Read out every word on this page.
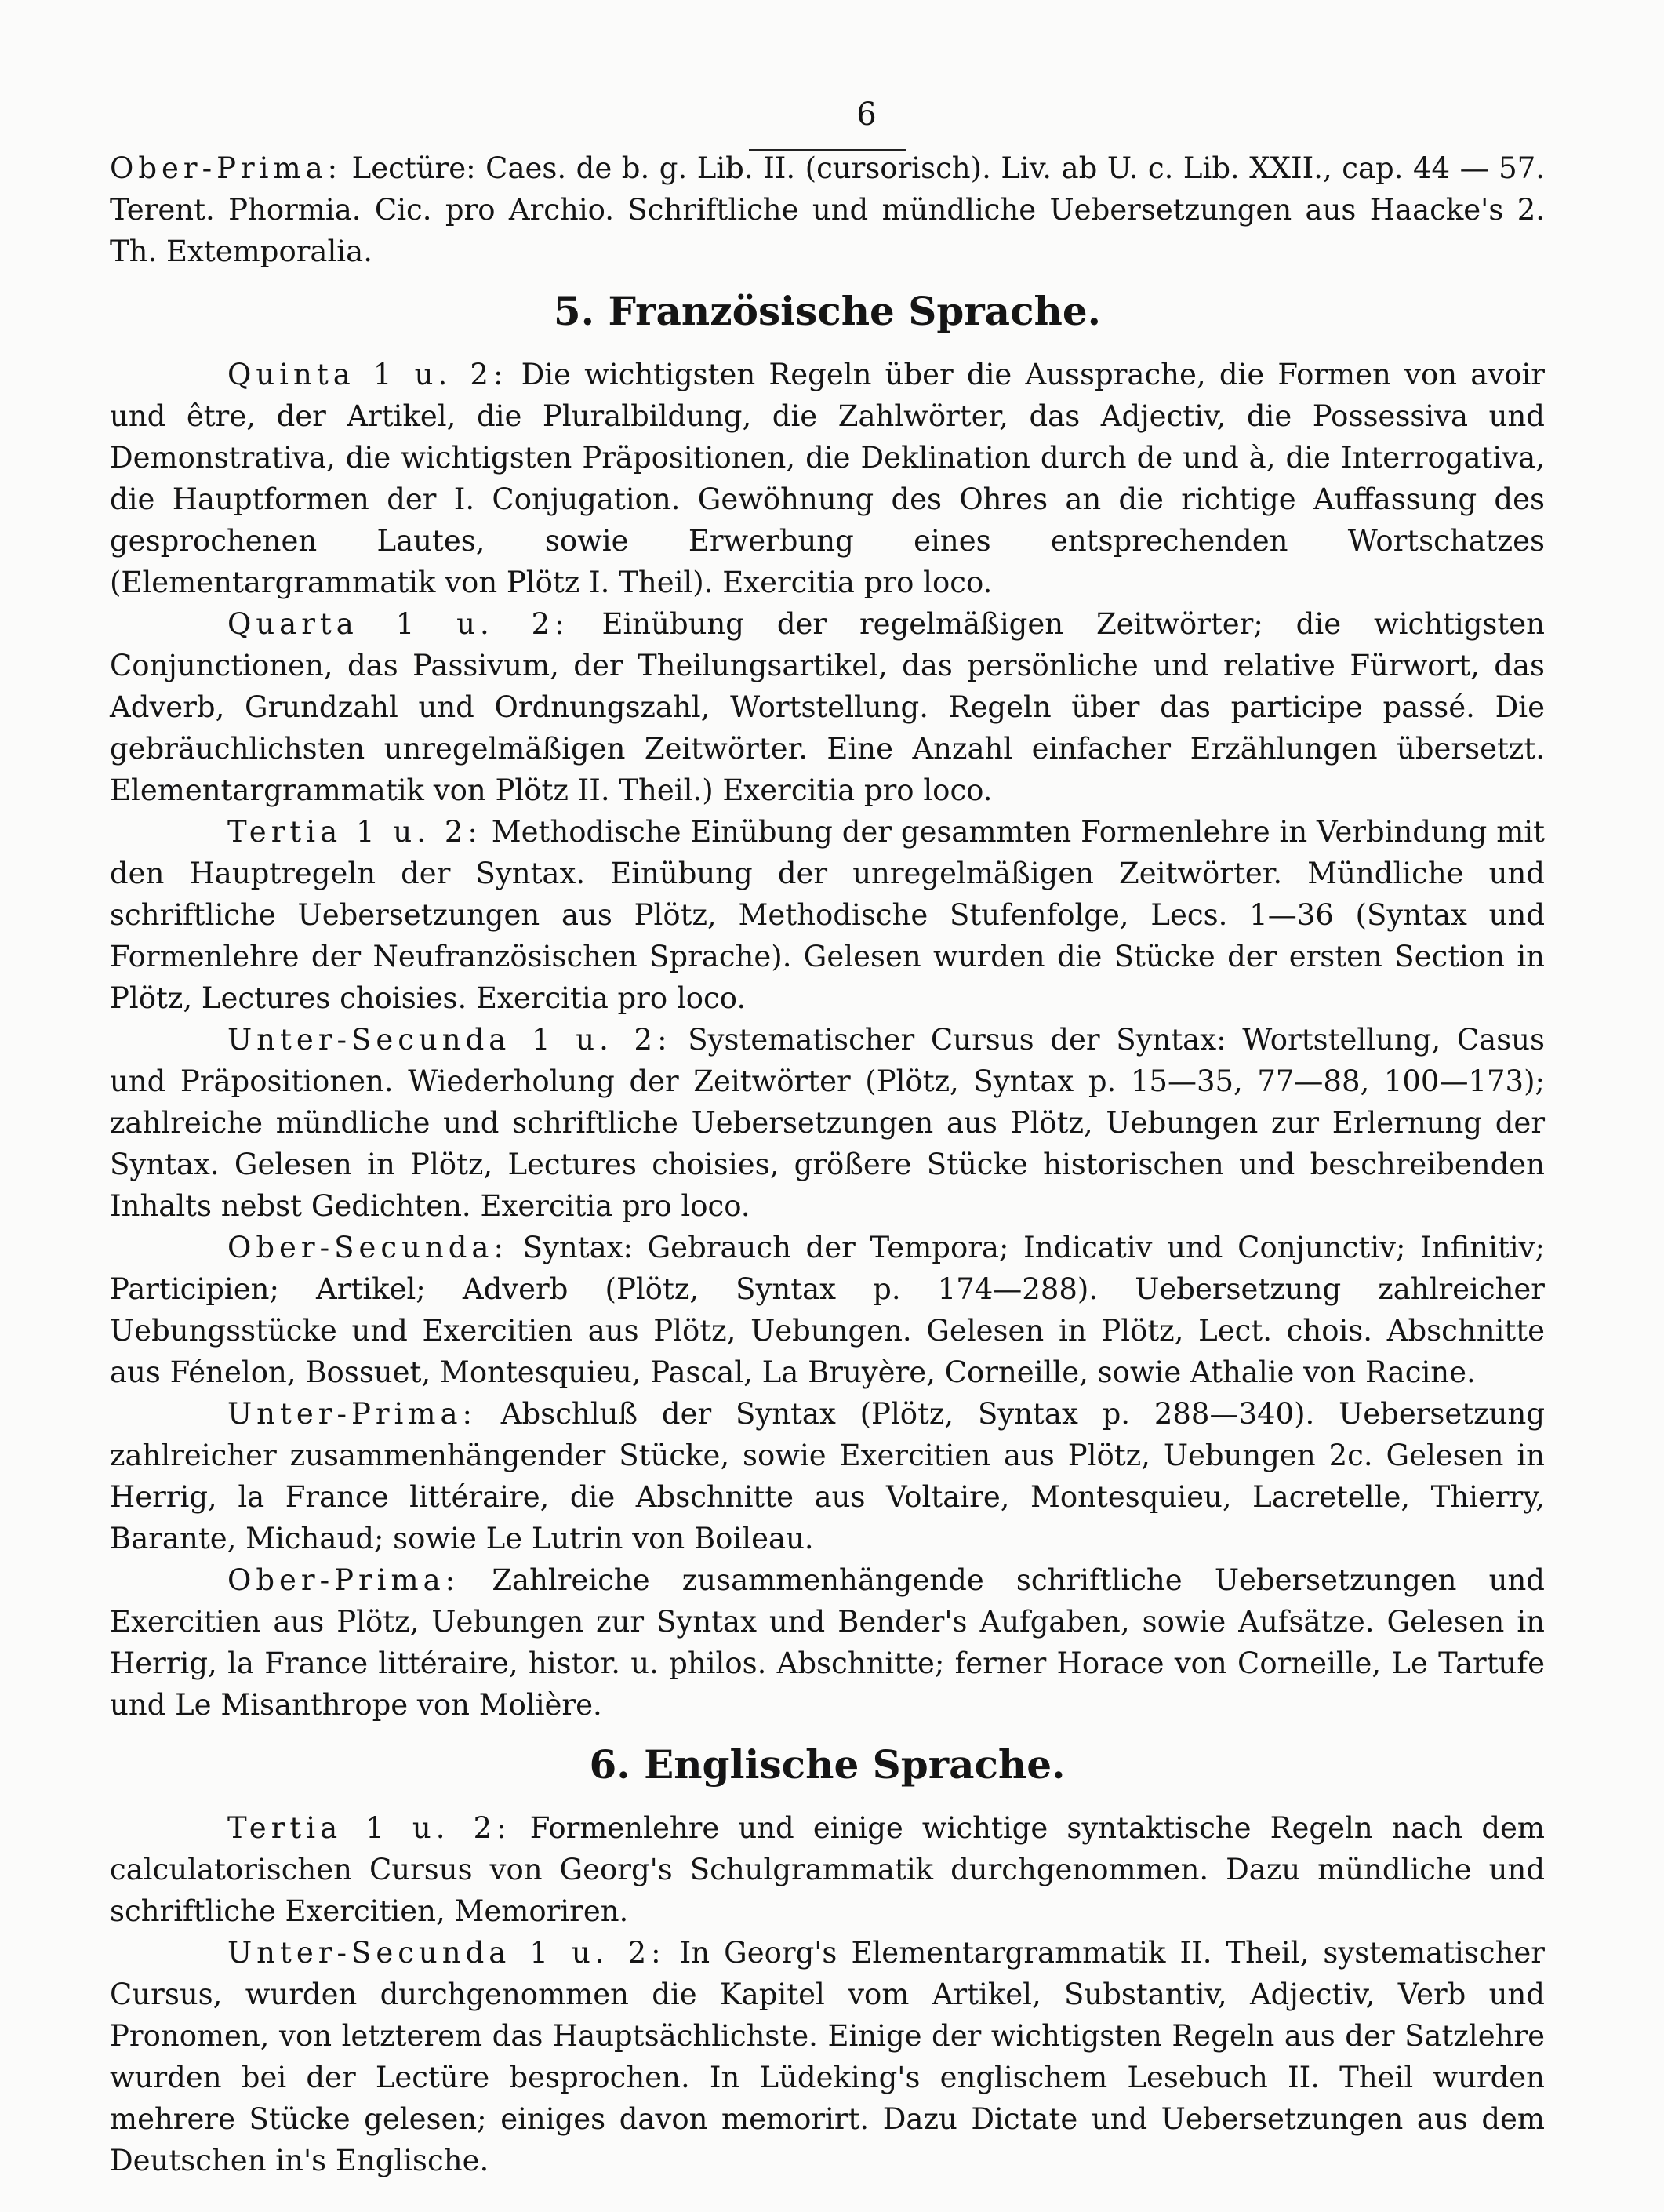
6

Ober-Prima: Lectüre: Caes. de b. g. Lib. II. (cursorisch). Liv. ab U. c. Lib. XXII., cap. 44 — 57. Terent. Phormia. Cic. pro Archio. Schriftliche und mündliche Uebersetzungen aus Haacke's 2. Th. Extemporalia.

5. Französische Sprache.

Quinta 1 u. 2: Die wichtigsten Regeln über die Aussprache, die Formen von avoir und être, der Artikel, die Pluralbildung, die Zahlwörter, das Adjectiv, die Possessiva und Demonstrativa, die wichtigsten Präpositionen, die Deklination durch de und à, die Interrogativa, die Hauptformen der I. Conjugation. Gewöhnung des Ohres an die richtige Auffassung des gesprochenen Lautes, sowie Erwerbung eines entsprechenden Wortschatzes (Elementargrammatik von Plötz I. Theil). Exercitia pro loco.

Quarta 1 u. 2: Einübung der regelmäßigen Zeitwörter; die wichtigsten Conjunctionen, das Passivum, der Theilungsartikel, das persönliche und relative Fürwort, das Adverb, Grundzahl und Ordnungszahl, Wortstellung. Regeln über das participe passé. Die gebräuchlichsten unregelmäßigen Zeitwörter. Eine Anzahl einfacher Erzählungen übersetzt. Elementargrammatik von Plötz II. Theil.) Exercitia pro loco.

Tertia 1 u. 2: Methodische Einübung der gesammten Formenlehre in Verbindung mit den Hauptregeln der Syntax. Einübung der unregelmäßigen Zeitwörter. Mündliche und schriftliche Uebersetzungen aus Plötz, Methodische Stufenfolge, Lecs. 1—36 (Syntax und Formenlehre der Neufranzösischen Sprache). Gelesen wurden die Stücke der ersten Section in Plötz, Lectures choisies. Exercitia pro loco.

Unter-Secunda 1 u. 2: Systematischer Cursus der Syntax: Wortstellung, Casus und Präpositionen. Wiederholung der Zeitwörter (Plötz, Syntax p. 15—35, 77—88, 100—173); zahlreiche mündliche und schriftliche Uebersetzungen aus Plötz, Uebungen zur Erlernung der Syntax. Gelesen in Plötz, Lectures choisies, größere Stücke historischen und beschreibenden Inhalts nebst Gedichten. Exercitia pro loco.

Ober-Secunda: Syntax: Gebrauch der Tempora; Indicativ und Conjunctiv; Infinitiv; Participien; Artikel; Adverb (Plötz, Syntax p. 174—288). Uebersetzung zahlreicher Uebungsstücke und Exercitien aus Plötz, Uebungen. Gelesen in Plötz, Lect. chois. Abschnitte aus Fénelon, Bossuet, Montesquieu, Pascal, La Bruyère, Corneille, sowie Athalie von Racine.

Unter-Prima: Abschluß der Syntax (Plötz, Syntax p. 288—340). Uebersetzung zahlreicher zusammenhängender Stücke, sowie Exercitien aus Plötz, Uebungen 2c. Gelesen in Herrig, la France littéraire, die Abschnitte aus Voltaire, Montesquieu, Lacretelle, Thierry, Barante, Michaud; sowie Le Lutrin von Boileau.

Ober-Prima: Zahlreiche zusammenhängende schriftliche Uebersetzungen und Exercitien aus Plötz, Uebungen zur Syntax und Bender's Aufgaben, sowie Aufsätze. Gelesen in Herrig, la France littéraire, histor. u. philos. Abschnitte; ferner Horace von Corneille, Le Tartufe und Le Misanthrope von Molière.

6. Englische Sprache.

Tertia 1 u. 2: Formenlehre und einige wichtige syntaktische Regeln nach dem calculatorischen Cursus von Georg's Schulgrammatik durchgenommen. Dazu mündliche und schriftliche Exercitien, Memoriren.

Unter-Secunda 1 u. 2: In Georg's Elementargrammatik II. Theil, systematischer Cursus, wurden durchgenommen die Kapitel vom Artikel, Substantiv, Adjectiv, Verb und Pronomen, von letzterem das Hauptsächlichste. Einige der wichtigsten Regeln aus der Satzlehre wurden bei der Lectüre besprochen. In Lüdeking's englischem Lesebuch II. Theil wurden mehrere Stücke gelesen; einiges davon memorirt. Dazu Dictate und Uebersetzungen aus dem Deutschen in's Englische.
